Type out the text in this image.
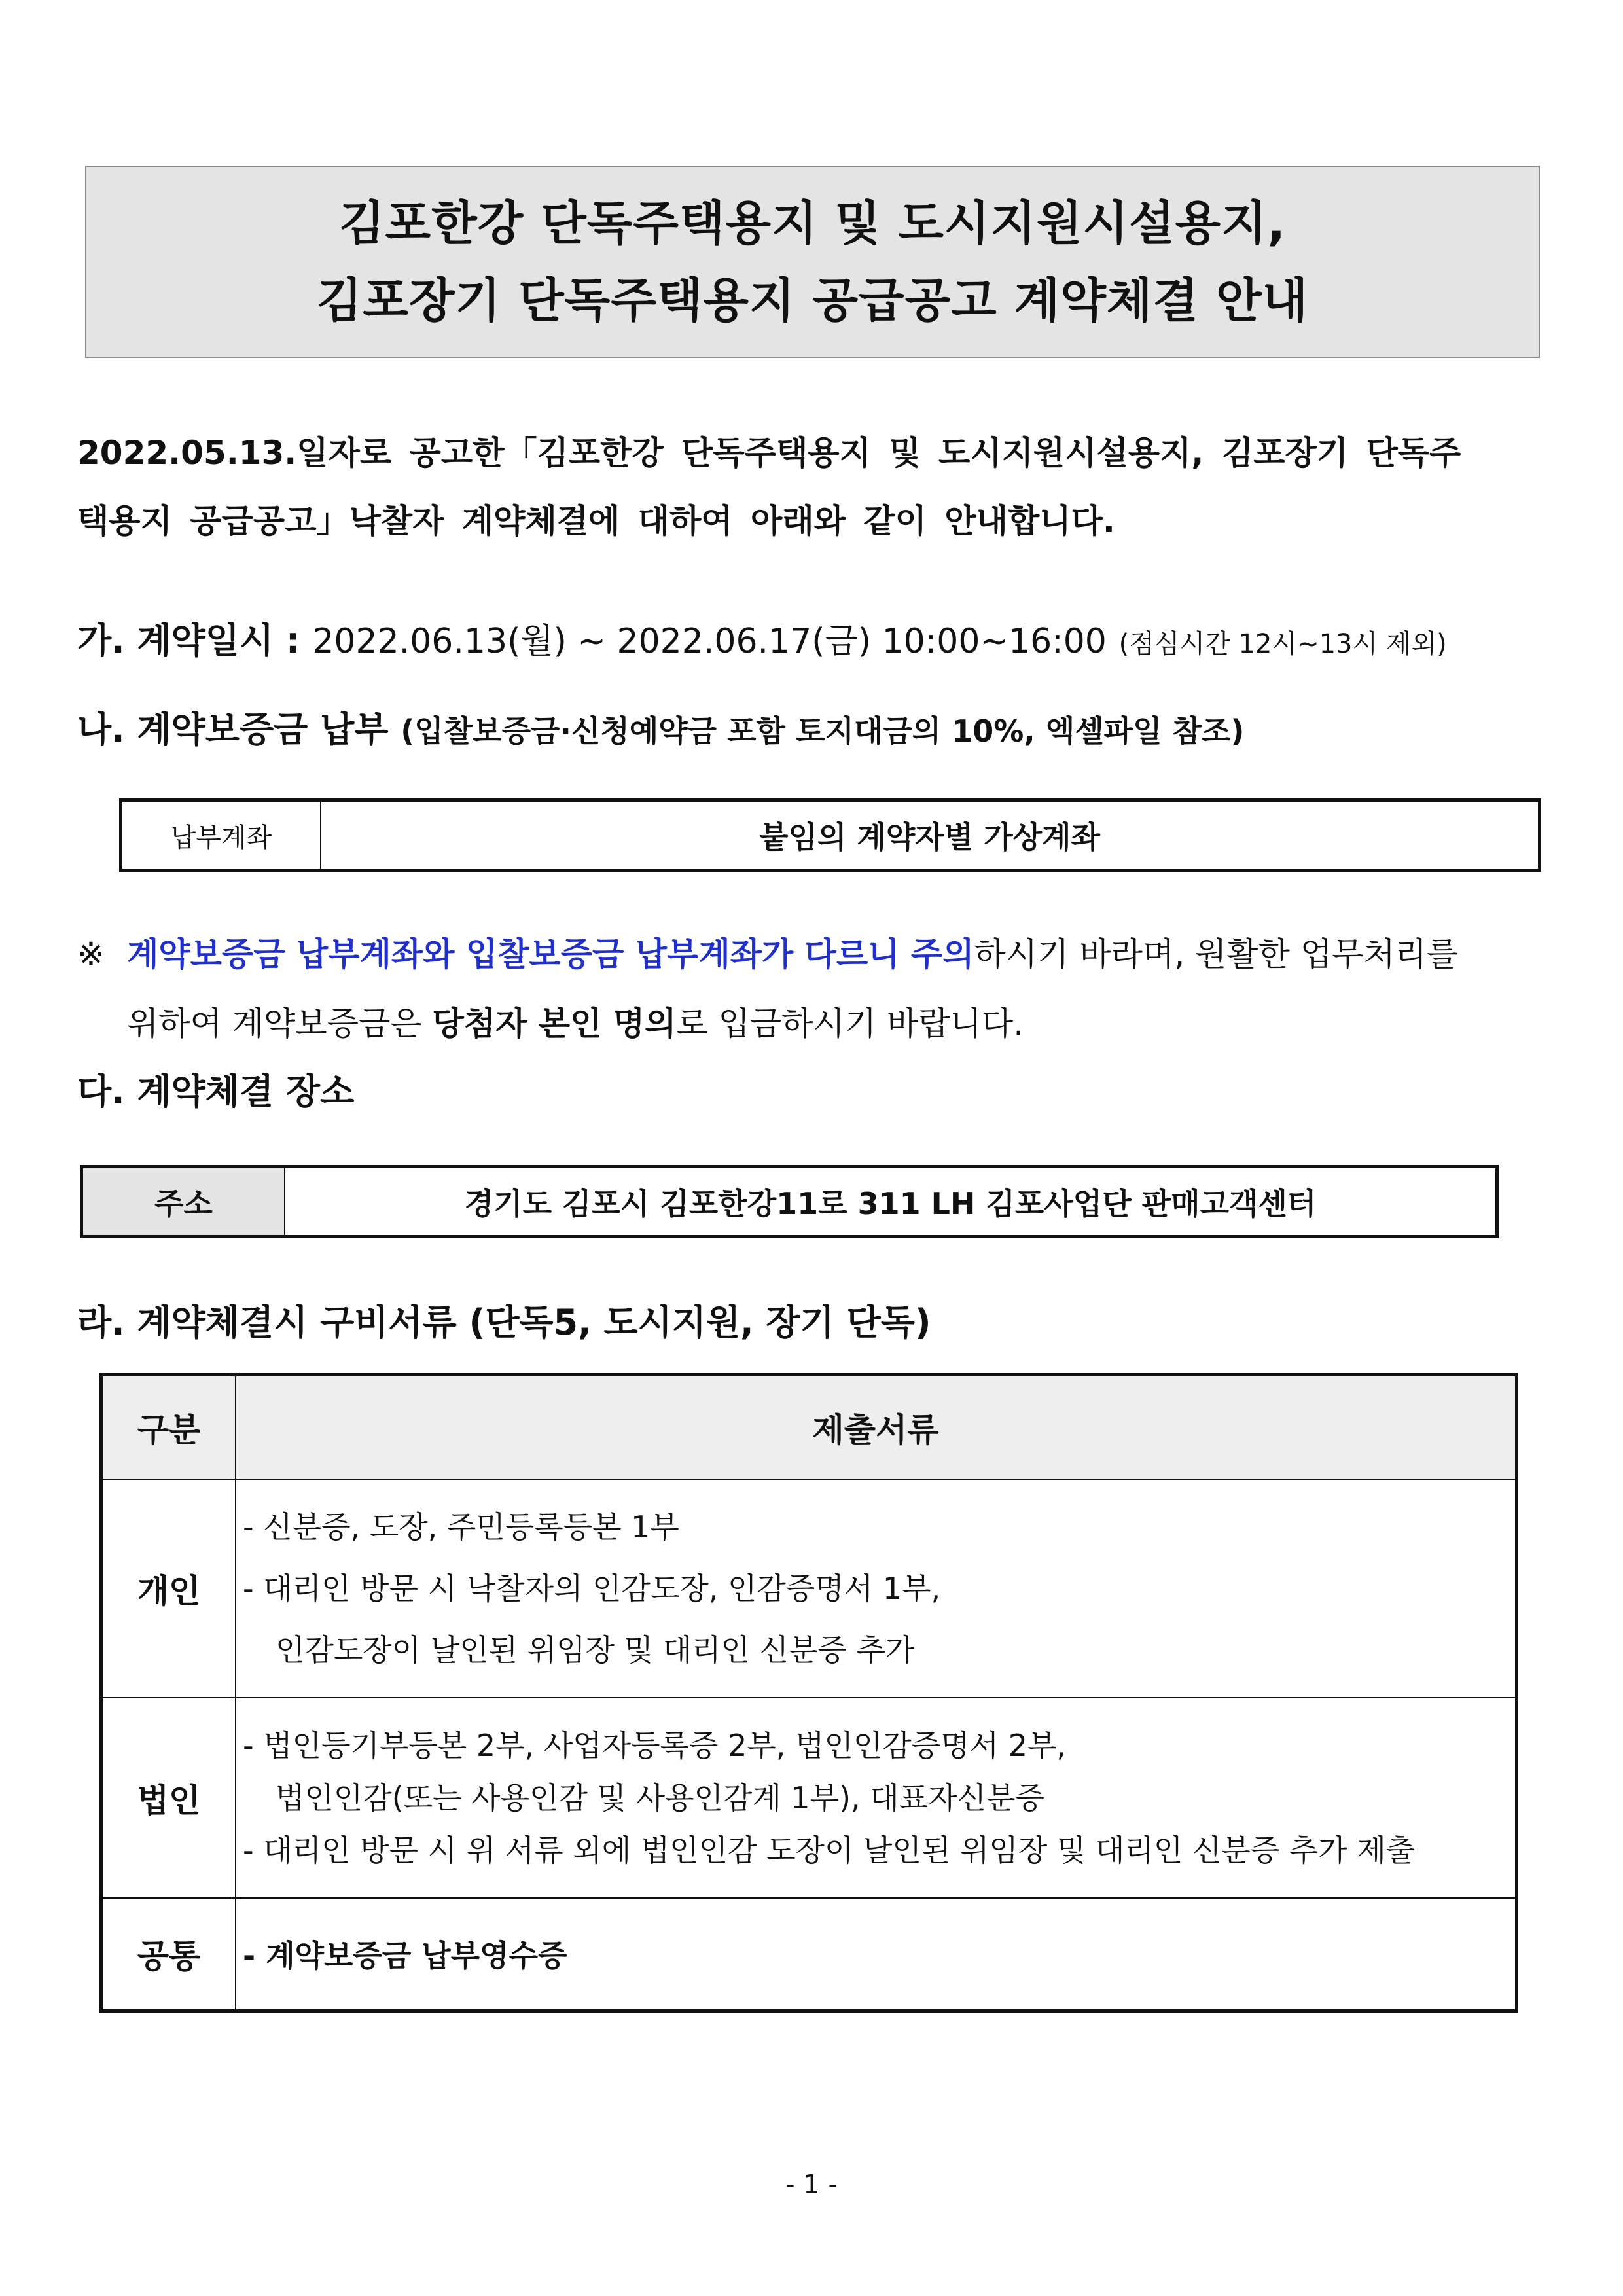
김포한강 단독주택용지 및 도시지원시설용지,
김포장기 단독주택용지 공급공고 계약체결 안내
2022.05.13.일자로 공고한「김포한강 단독주택용지 및 도시지원시설용지, 김포장기 단독주
택용지 공급공고」낙찰자 계약체결에 대하여 아래와 같이 안내합니다.
가. 계약일시 : 2022.06.13(월) ~ 2022.06.17(금) 10:00~16:00 (점심시간 12시~13시 제외)
나. 계약보증금 납부 (입찰보증금·신청예약금 포함 토지대금의 10%, 엑셀파일 참조)
납부계좌	붙임의 계약자별 가상계좌
※ 계약보증금 납부계좌와 입찰보증금 납부계좌가 다르니 주의하시기 바라며, 원활한 업무처리를
위하여 계약보증금은 당첨자 본인 명의로 입금하시기 바랍니다.
다. 계약체결 장소
주소	경기도 김포시 김포한강11로 311 LH 김포사업단 판매고객센터
라. 계약체결시 구비서류 (단독5, 도시지원, 장기 단독)
구분	제출서류
개인	- 신분증, 도장, 주민등록등본 1부
- 대리인 방문 시 낙찰자의 인감도장, 인감증명서 1부,
인감도장이 날인된 위임장 및 대리인 신분증 추가

법인	- 법인등기부등본 2부, 사업자등록증 2부, 법인인감증명서 2부,
법인인감(또는 사용인감 및 사용인감계 1부), 대표자신분증
- 대리인 방문 시 위 서류 외에 법인인감 도장이 날인된 위임장 및 대리인 신분증 추가 제출

공통	- 계약보증금 납부영수증
- 1 -
